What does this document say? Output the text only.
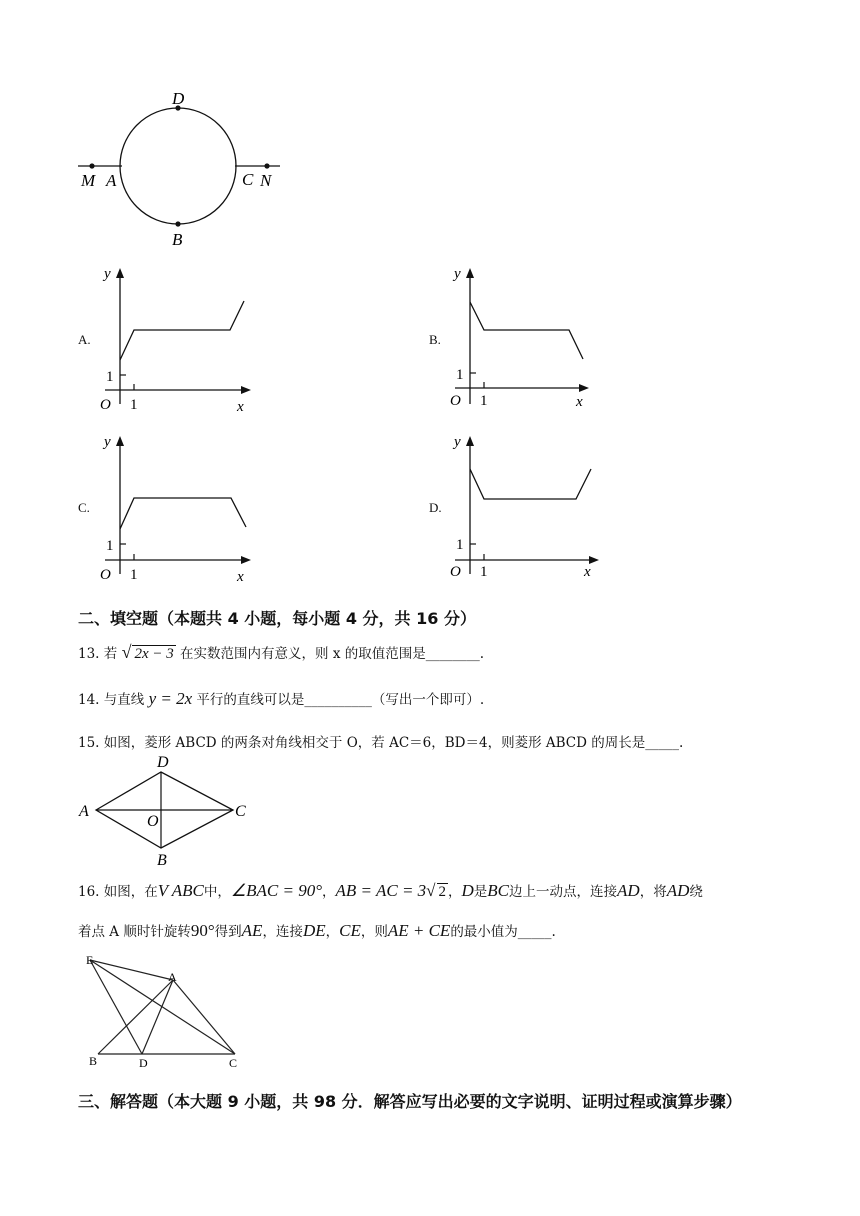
D
B
M A	C N
A.
y
x
O
1
1
B.
y
x
O
1
1
C.
y
x
O
1
1
D.
y
x
O
1
1
二、填空题（本题共 4 小题，每小题 4 分，共 16 分）
13. 若 √ 2x − 3 在实数范围内有意义，则 x 的取值范围是________.
14. 与直线 y = 2x 平行的直线可以是__________（写出一个即可）.
15. 如图，菱形 ABCD 的两条对角线相交于 O，若 AC＝6，BD＝4，则菱形 ABCD 的周长是_____.
A
D
C
B
O
16. 如图，在V ABC中，∠BAC = 90°，AB = AC = 3√ 2 ，D是BC边上一动点，连接AD，将AD绕
着点 A 顺时针旋转90°得到AE，连接DE，CE，则AE + CE的最小值为_____.
E
A
B	D	C
三、解答题（本大题 9 小题，共 98 分．解答应写出必要的文字说明、证明过程或演算步骤）
